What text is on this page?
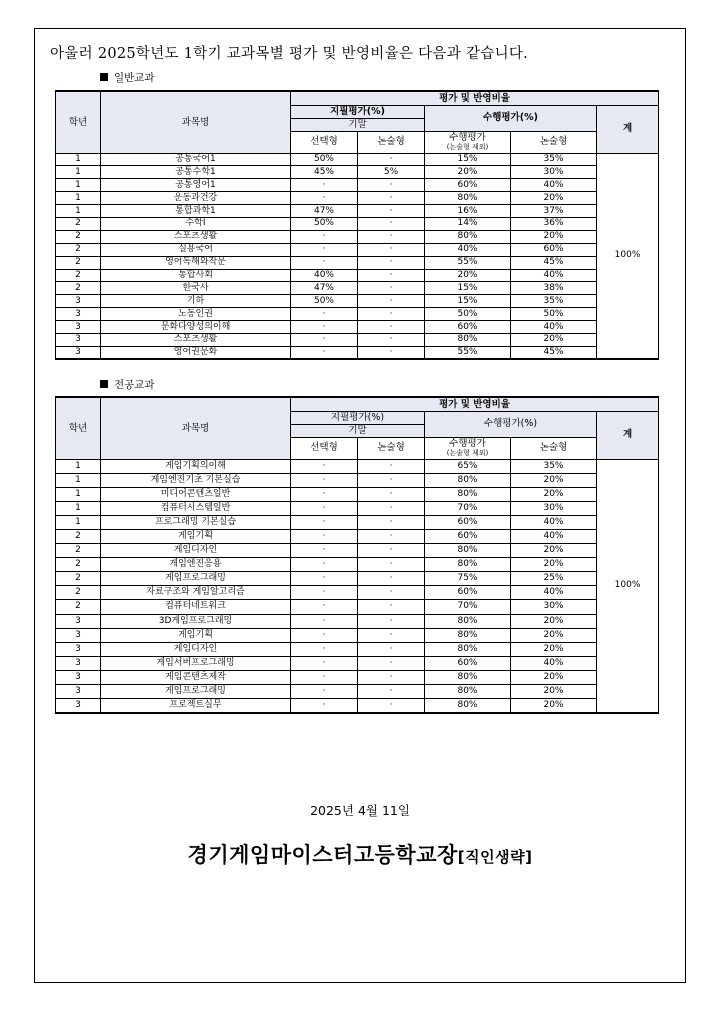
아울러 2025학년도 1학기 교과목별 평가 및 반영비율은 다음과 같습니다.
일반교과
학년	과목명	평가 및 반영비율				
		지필평가(%)		수행평가(%)		계
		기말				
		선택형	논술형	수행평가
(논술형 제외)	논술형	
1	공통국어1	50%	·	15%	35%	100%
1	공통수학1	45%	5%	20%	30%	
1	공통영어1	·	·	60%	40%	
1	운동과건강	·	·	80%	20%	
1	통합과학1	47%	·	16%	37%	
2	수학Ⅰ	50%	·	14%	36%	
2	스포츠생활	·	·	80%	20%	
2	실용국어	·	·	40%	60%	
2	영어독해와작문	·	·	55%	45%	
2	통합사회	40%	·	20%	40%	
2	한국사	47%	·	15%	38%	
3	기하	50%	·	15%	35%	
3	노동인권	·	·	50%	50%	
3	문화다양성의이해	·	·	60%	40%	
3	스포츠생활	·	·	80%	20%	
3	영어권문화	·	·	55%	45%	
전공교과
학년	과목명	평가 및 반영비율				
		지필평가(%)		수행평가(%)		계
		기말				
		선택형	논술형	수행평가
(논술형 제외)	논술형	
1	게임기획의이해	·	·	65%	35%	100%
1	게임엔진기초 기본실습	·	·	80%	20%	
1	미디어콘텐츠일반	·	·	80%	20%	
1	컴퓨터시스템일반	·	·	70%	30%	
1	프로그래밍 기본실습	·	·	60%	40%	
2	게임기획	·	·	60%	40%	
2	게임디자인	·	·	80%	20%	
2	게임엔진응용	·	·	80%	20%	
2	게임프로그래밍	·	·	75%	25%	
2	자료구조와 게임알고리즘	·	·	60%	40%	
2	컴퓨터네트워크	·	·	70%	30%	
3	3D게임프로그래밍	·	·	80%	20%	
3	게임기획	·	·	80%	20%	
3	게임디자인	·	·	80%	20%	
3	게임서버프로그래밍	·	·	60%	40%	
3	게임콘텐츠제작	·	·	80%	20%	
3	게임프로그래밍	·	·	80%	20%	
3	프로젝트실무	·	·	80%	20%	
2025년 4월 11일
경기게임마이스터고등학교장[직인생략]
